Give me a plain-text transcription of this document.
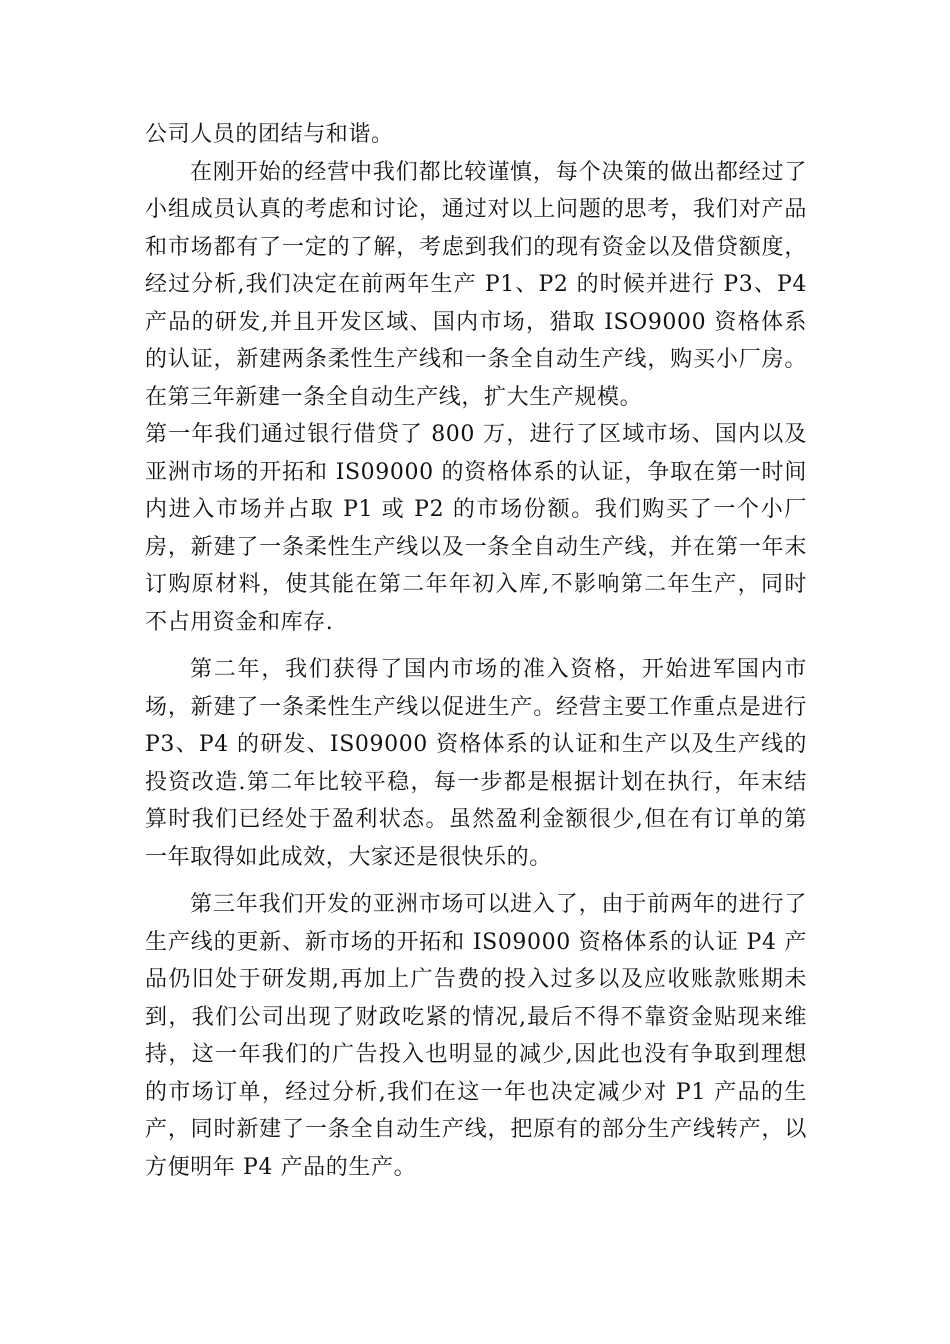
公司人员的团结与和谐。

在刚开始的经营中我们都比较谨慎，每个决策的做出都经过了小组成员认真的考虑和讨论，通过对以上问题的思考，我们对产品和市场都有了一定的了解，考虑到我们的现有资金以及借贷额度，经过分析,我们决定在前两年生产 P1、P2 的时候并进行 P3、P4 产品的研发,并且开发区域、国内市场，猎取 ISO9000 资格体系的认证，新建两条柔性生产线和一条全自动生产线，购买小厂房。在第三年新建一条全自动生产线，扩大生产规模。

第一年我们通过银行借贷了 800 万，进行了区域市场、国内以及亚洲市场的开拓和 IS09000 的资格体系的认证，争取在第一时间内进入市场并占取 P1 或 P2 的市场份额。我们购买了一个小厂房，新建了一条柔性生产线以及一条全自动生产线，并在第一年末订购原材料，使其能在第二年年初入库,不影响第二年生产，同时不占用资金和库存.

第二年，我们获得了国内市场的准入资格，开始进军国内市场，新建了一条柔性生产线以促进生产。经营主要工作重点是进行 P3、P4 的研发、IS09000 资格体系的认证和生产以及生产线的投资改造.第二年比较平稳，每一步都是根据计划在执行，年末结算时我们已经处于盈利状态。虽然盈利金额很少,但在有订单的第一年取得如此成效，大家还是很快乐的。

第三年我们开发的亚洲市场可以进入了，由于前两年的进行了生产线的更新、新市场的开拓和 IS09000 资格体系的认证 P4 产品仍旧处于研发期,再加上广告费的投入过多以及应收账款账期未到，我们公司出现了财政吃紧的情况,最后不得不靠资金贴现来维持，这一年我们的广告投入也明显的减少,因此也没有争取到理想的市场订单，经过分析,我们在这一年也决定减少对 P1 产品的生产，同时新建了一条全自动生产线，把原有的部分生产线转产，以方便明年 P4 产品的生产。
